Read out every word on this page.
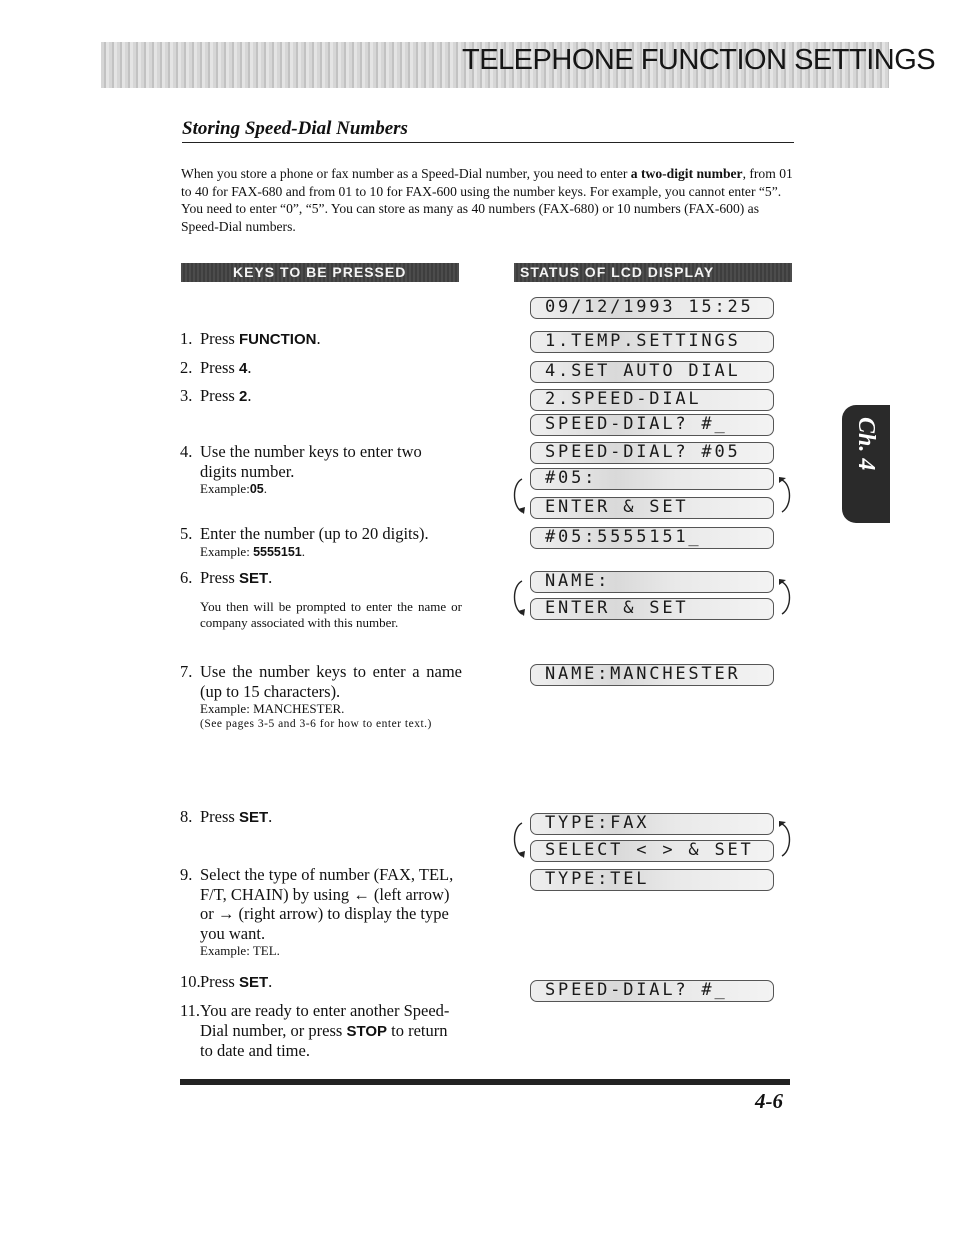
TELEPHONE FUNCTION SETTINGS
Storing Speed-Dial Numbers
When you store a phone or fax number as a Speed-Dial number, you need to enter a two-digit number, from 01 to 40 for FAX-680 and from 01 to 10 for FAX-600 using the number keys. For example, you cannot enter “5”. You need to enter “0”, “5”. You can store as many as 40 numbers (FAX-680) or 10 numbers (FAX-600) as Speed-Dial numbers.
KEYS TO BE PRESSED	STATUS OF LCD DISPLAY
1. Press FUNCTION.
2. Press 4.
3. Press 2.
4. Use the number keys to enter two digits number.
Example:05.
5. Enter the number (up to 20 digits).
Example: 5555151.
6. Press SET.
You then will be prompted to enter the name or company associated with this number.
7. Use the number keys to enter a name (up to 15 characters).
Example: MANCHESTER.
(See pages 3-5 and 3-6 for how to enter text.)
8. Press SET.
9. Select the type of number (FAX, TEL, F/T, CHAIN) by using ← (left arrow) or → (right arrow) to display the type you want.
Example: TEL.
10.Press SET.
11. You are ready to enter another Speed-Dial number, or press STOP to return to date and time.
09/12/1993 15:25
1.TEMP.SETTINGS
4.SET AUTO DIAL
2.SPEED-DIAL
SPEED-DIAL? #_
SPEED-DIAL? #05
#05:
ENTER & SET
#05:5555151_
NAME:
ENTER & SET
NAME:MANCHESTER
TYPE:FAX
SELECT < > & SET
TYPE:TEL
SPEED-DIAL? #_
Ch. 4
4-6
